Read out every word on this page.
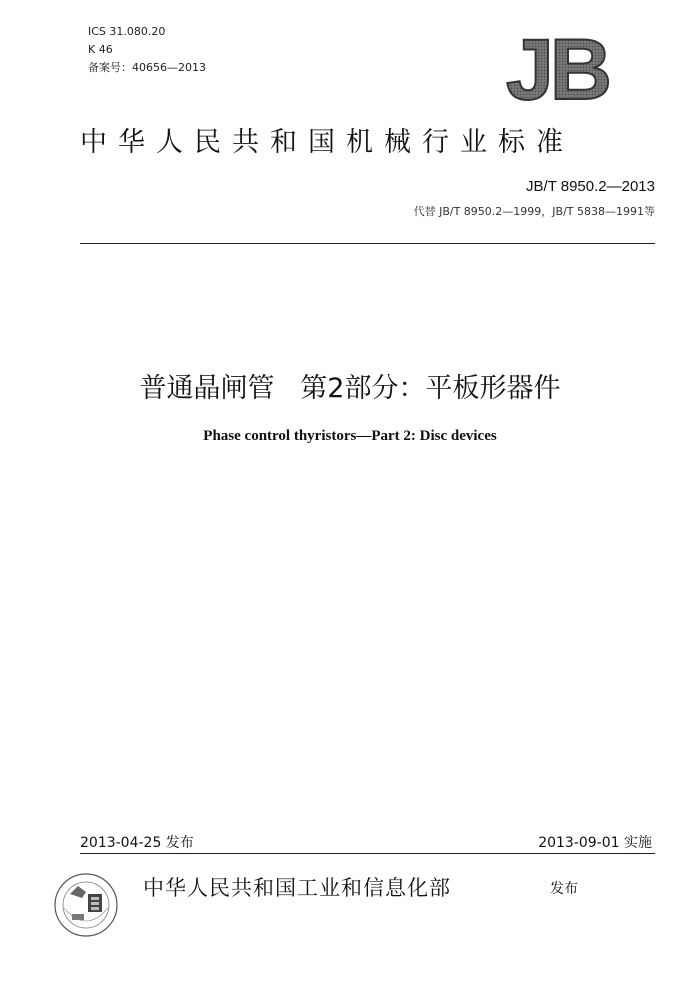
ICS 31.080.20
K 46
备案号：40656—2013	JB
中华人民共和国机械行业标准
JB/T 8950.2—2013
代替 JB/T 8950.2—1999，JB/T 5838—1991等
普通晶闸管   第2部分：平板形器件
Phase control thyristors—Part 2: Disc devices
2013-04-25 发布	2013-09-01 实施
中华人民共和国工业和信息化部	发布
